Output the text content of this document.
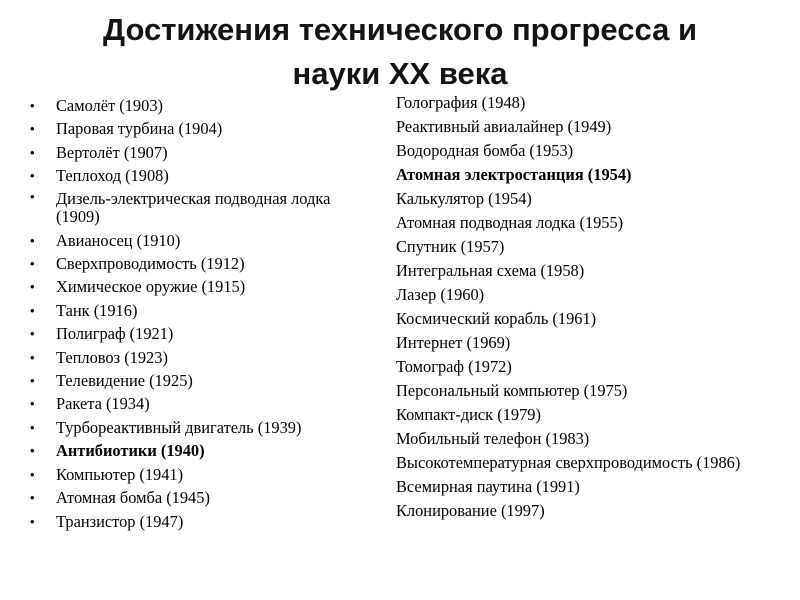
Достижения технического прогресса и
науки XX века
• Самолёт (1903)
• Паровая турбина (1904)
• Вертолёт (1907)
• Теплоход (1908)
• Дизель-электрическая подводная лодка (1909)
• Авианосец (1910)
• Сверхпроводимость (1912)
• Химическое оружие (1915)
• Танк (1916)
• Полиграф (1921)
• Тепловоз (1923)
• Телевидение (1925)
• Ракета (1934)
• Турбореактивный двигатель (1939)
• Антибиотики (1940)
• Компьютер (1941)
• Атомная бомба (1945)
• Транзистор (1947)
Голография (1948)
Реактивный авиалайнер (1949)
Водородная бомба (1953)
Атомная электростанция (1954)
Калькулятор (1954)
Атомная подводная лодка (1955)
Спутник (1957)
Интегральная схема (1958)
Лазер (1960)
Космический корабль (1961)
Интернет (1969)
Томограф (1972)
Персональный компьютер (1975)
Компакт-диск (1979)
Мобильный телефон (1983)
Высокотемпературная сверхпроводимость (1986)
Всемирная паутина (1991)
Клонирование (1997)
